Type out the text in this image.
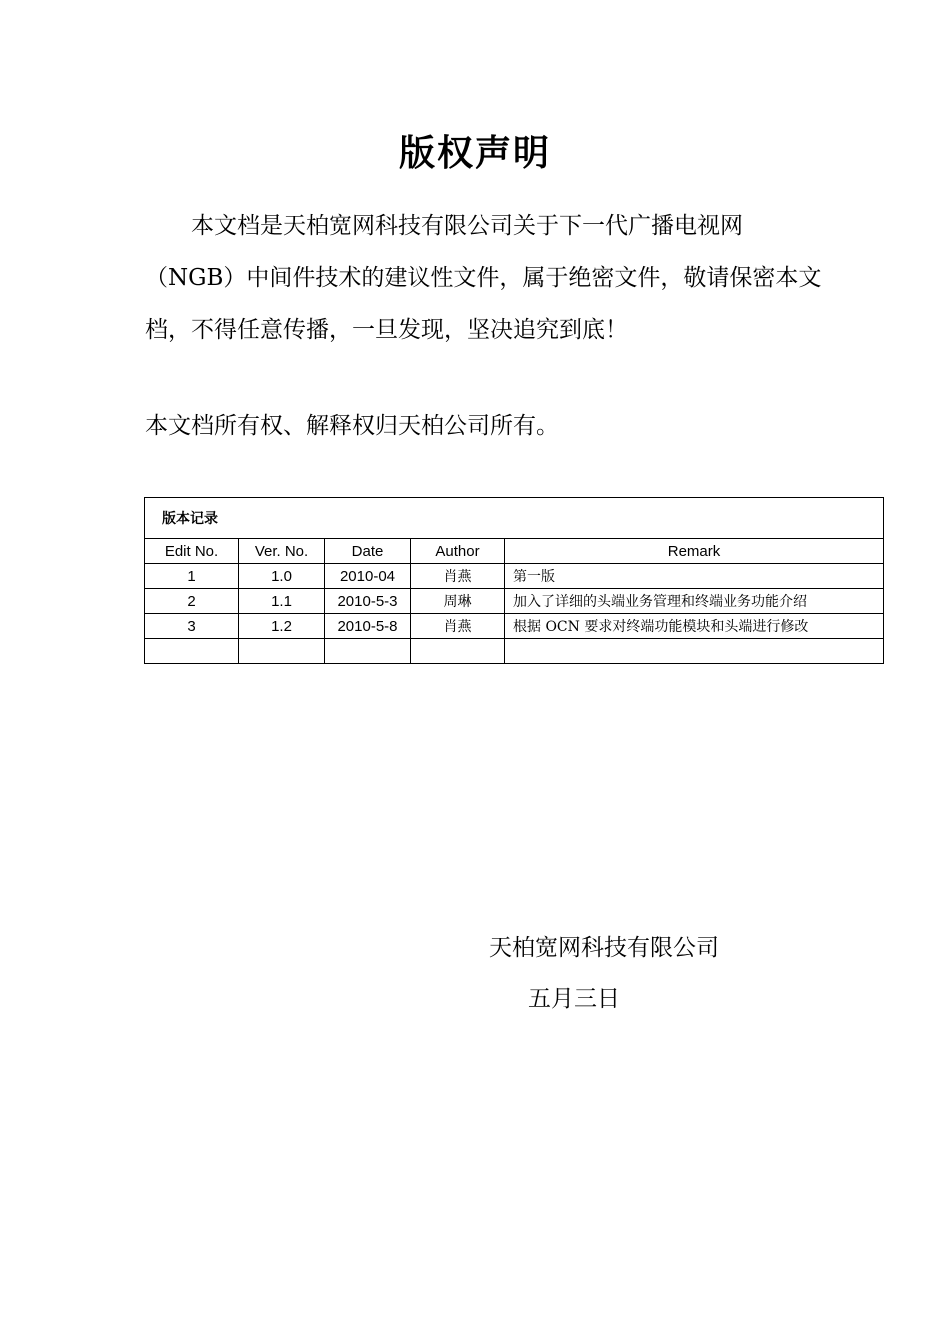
版权声明

本文档是天柏宽网科技有限公司关于下一代广播电视网（NGB）中间件技术的建议性文件，属于绝密文件，敬请保密本文档，不得任意传播，一旦发现，坚决追究到底！

本文档所有权、解释权归天柏公司所有。

版本记录				
Edit No.	Ver. No.	Date	Author	Remark
1	1.0	2010-04	肖燕	第一版
2	1.1	2010-5-3	周琳	加入了详细的头端业务管理和终端业务功能介绍
3	1.2	2010-5-8	肖燕	根据 OCN 要求对终端功能模块和头端进行修改

天柏宽网科技有限公司
五月三日
